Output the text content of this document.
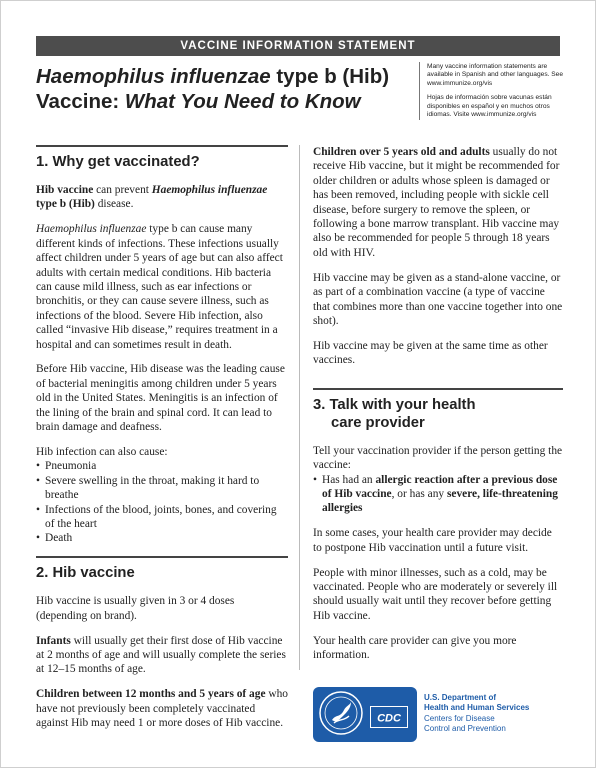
VACCINE INFORMATION STATEMENT
Haemophilus influenzae type b (Hib)
Vaccine: What You Need to Know

Many vaccine information statements are available in Spanish and other languages. See www.immunize.org/vis

Hojas de información sobre vacunas están disponibles en español y en muchos otros idiomas. Visite www.immunize.org/vis

1. Why get vaccinated?

Hib vaccine can prevent Haemophilus influenzae type b (Hib) disease.

Haemophilus influenzae type b can cause many different kinds of infections. These infections usually affect children under 5 years of age but can also affect adults with certain medical conditions. Hib bacteria can cause mild illness, such as ear infections or bronchitis, or they can cause severe illness, such as infections of the blood. Severe Hib infection, also called “invasive Hib disease,” requires treatment in a hospital and can sometimes result in death.

Before Hib vaccine, Hib disease was the leading cause of bacterial meningitis among children under 5 years old in the United States. Meningitis is an infection of the lining of the brain and spinal cord. It can lead to brain damage and deafness.

Hib infection can also cause:
• Pneumonia
• Severe swelling in the throat, making it hard to breathe
• Infections of the blood, joints, bones, and covering of the heart
• Death
2. Hib vaccine

Hib vaccine is usually given in 3 or 4 doses (depending on brand).

Infants will usually get their first dose of Hib vaccine at 2 months of age and will usually complete the series at 12–15 months of age.

Children between 12 months and 5 years of age who have not previously been completely vaccinated against Hib may need 1 or more doses of Hib vaccine.

Children over 5 years old and adults usually do not receive Hib vaccine, but it might be recommended for older children or adults whose spleen is damaged or has been removed, including people with sickle cell disease, before surgery to remove the spleen, or following a bone marrow transplant. Hib vaccine may also be recommended for people 5 through 18 years old with HIV.

Hib vaccine may be given as a stand-alone vaccine, or as part of a combination vaccine (a type of vaccine that combines more than one vaccine together into one shot).

Hib vaccine may be given at the same time as other vaccines.

3. Talk with your health
care provider
Tell your vaccination provider if the person getting the vaccine:
• Has had an allergic reaction after a previous dose of Hib vaccine, or has any severe, life-threatening allergies

In some cases, your health care provider may decide to postpone Hib vaccination until a future visit.

People with minor illnesses, such as a cold, may be vaccinated. People who are moderately or severely ill should usually wait until they recover before getting Hib vaccine.

Your health care provider can give you more information.

CDC
U.S. Department of
Health and Human Services
Centers for Disease
Control and Prevention
